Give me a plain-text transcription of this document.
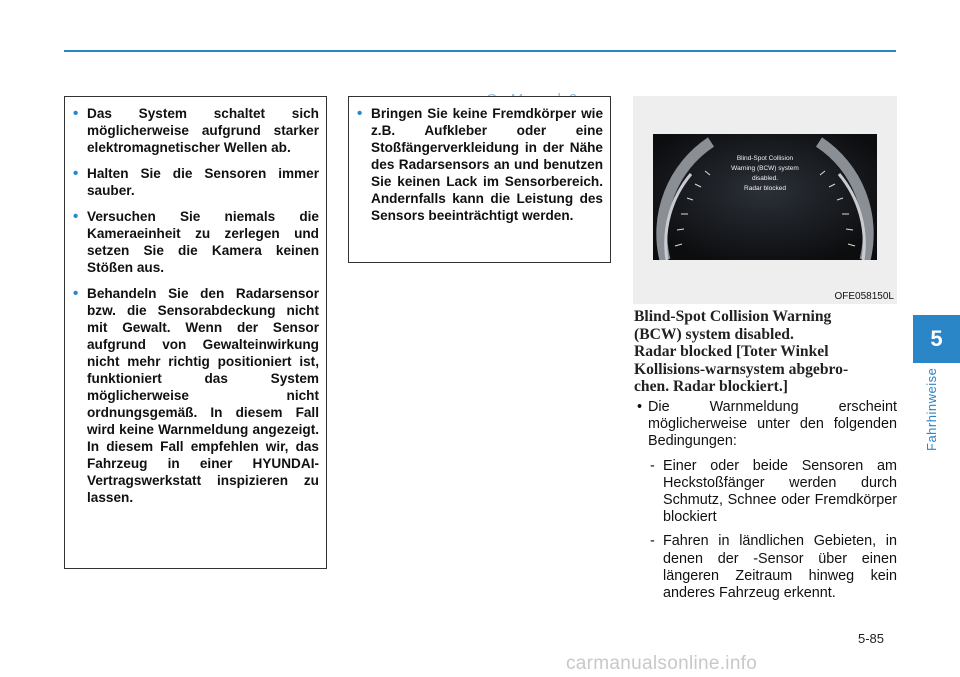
• Das System schaltet sich möglicherweise aufgrund starker elektromagnetischer Wellen ab.
• Halten Sie die Sensoren immer sauber.
• Versuchen Sie niemals die Kameraeinheit zu zerlegen und setzen Sie die Kamera keinen Stößen aus.
• Behandeln Sie den Radarsensor bzw. die Sensorabdeckung nicht mit Gewalt. Wenn der Sensor aufgrund von Gewalteinwirkung nicht mehr richtig positioniert ist, funktioniert das System möglicherweise nicht ordnungsgemäß. In diesem Fall wird keine Warnmeldung angezeigt. In diesem Fall empfehlen wir, das Fahrzeug in einer HYUNDAI-Vertragswerkstatt inspizieren zu lassen.
• Bringen Sie keine Fremdkörper wie z.B. Aufkleber oder eine Stoßfängerverkleidung in der Nähe des Radarsensors an und benutzen Sie keinen Lack im Sensorbereich. Andernfalls kann die Leistung des Sensors beeinträchtigt werden.
Blind-Spot Collision
Warning (BCW) system
disabled.
Radar blocked
OFE058150L
Blind-Spot Collision Warning
(BCW) system disabled.
Radar blocked [Toter Winkel
Kollisions-warnsystem abgebro-
chen. Radar blockiert.]
• Die Warnmeldung erscheint möglicherweise unter den folgenden Bedingungen:
- Einer oder beide Sensoren am Heckstoßfänger werden durch Schmutz, Schnee oder Fremdkörper blockiert
- Fahren in ländlichen Gebieten, in denen der -Sensor über einen längeren Zeitraum hinweg kein anderes Fahrzeug erkennt.
5
Fahrhinweise
5-85
carmanualsonline.info
